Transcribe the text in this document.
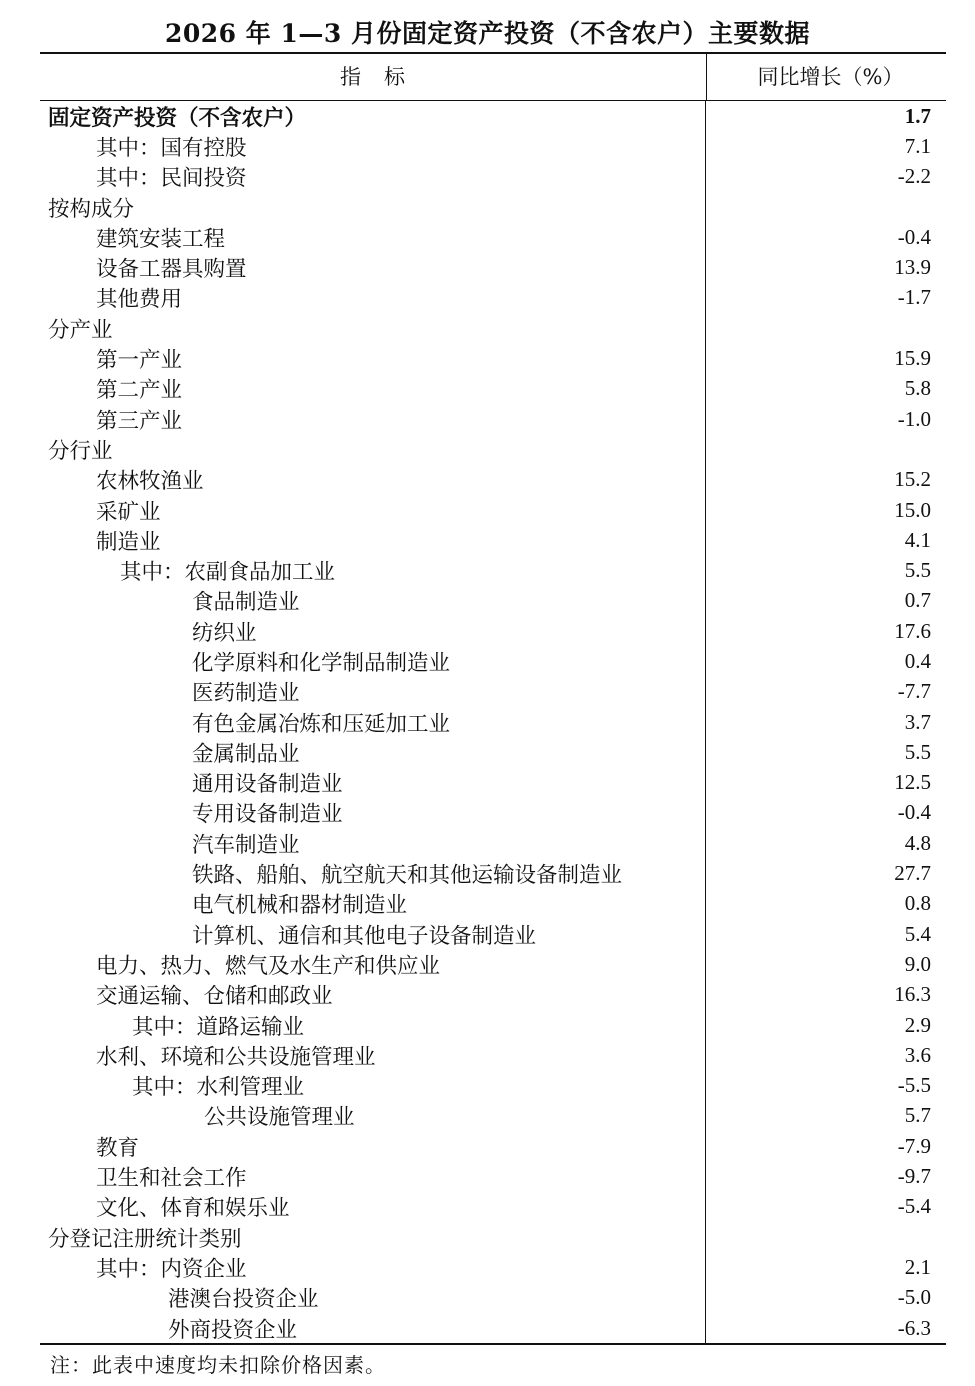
2026 年 1—3 月份固定资产投资（不含农户）主要数据
指　标	同比增长（%）
固定资产投资（不含农户）	1.7
其中：国有控股	7.1
其中：民间投资	-2.2
按构成分
建筑安装工程	-0.4
设备工器具购置	13.9
其他费用	-1.7
分产业
第一产业	15.9
第二产业	5.8
第三产业	-1.0
分行业
农林牧渔业	15.2
采矿业	15.0
制造业	4.1
其中：农副食品加工业	5.5
食品制造业	0.7
纺织业	17.6
化学原料和化学制品制造业	0.4
医药制造业	-7.7
有色金属冶炼和压延加工业	3.7
金属制品业	5.5
通用设备制造业	12.5
专用设备制造业	-0.4
汽车制造业	4.8
铁路、船舶、航空航天和其他运输设备制造业	27.7
电气机械和器材制造业	0.8
计算机、通信和其他电子设备制造业	5.4
电力、热力、燃气及水生产和供应业	9.0
交通运输、仓储和邮政业	16.3
其中：道路运输业	2.9
水利、环境和公共设施管理业	3.6
其中：水利管理业	-5.5
公共设施管理业	5.7
教育	-7.9
卫生和社会工作	-9.7
文化、体育和娱乐业	-5.4
分登记注册统计类别
其中：内资企业	2.1
港澳台投资企业	-5.0
外商投资企业	-6.3
注：此表中速度均未扣除价格因素。
